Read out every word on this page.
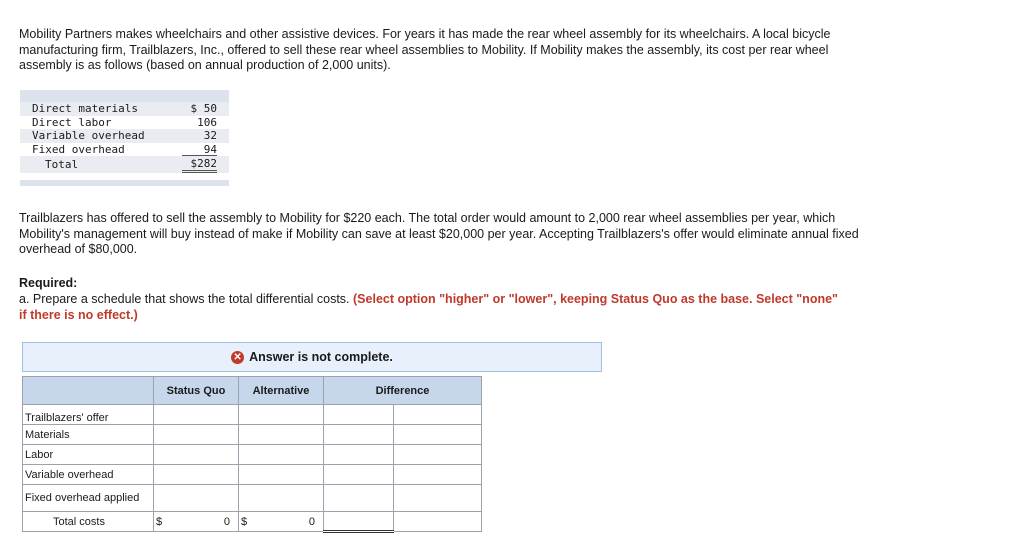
Mobility Partners makes wheelchairs and other assistive devices. For years it has made the rear wheel assembly for its wheelchairs. A local bicycle manufacturing firm, Trailblazers, Inc., offered to sell these rear wheel assemblies to Mobility. If Mobility makes the assembly, its cost per rear wheel assembly is as follows (based on annual production of 2,000 units).

Direct materials	$ 50
Direct labor	106
Variable overhead	32
Fixed overhead	94
Total	$282

Trailblazers has offered to sell the assembly to Mobility for $220 each. The total order would amount to 2,000 rear wheel assemblies per year, which Mobility's management will buy instead of make if Mobility can save at least $20,000 per year. Accepting Trailblazers's offer would eliminate annual fixed overhead of $80,000.

Required:

a. Prepare a schedule that shows the total differential costs. (Select option "higher" or "lower", keeping Status Quo as the base. Select "none" if there is no effect.)

✕ Answer is not complete.
	Status Quo	Alternative	Difference	
Trailblazers' offer				
Materials				
Labor				
Variable overhead				
Fixed overhead applied				
Total costs	$ 0	$ 0		
